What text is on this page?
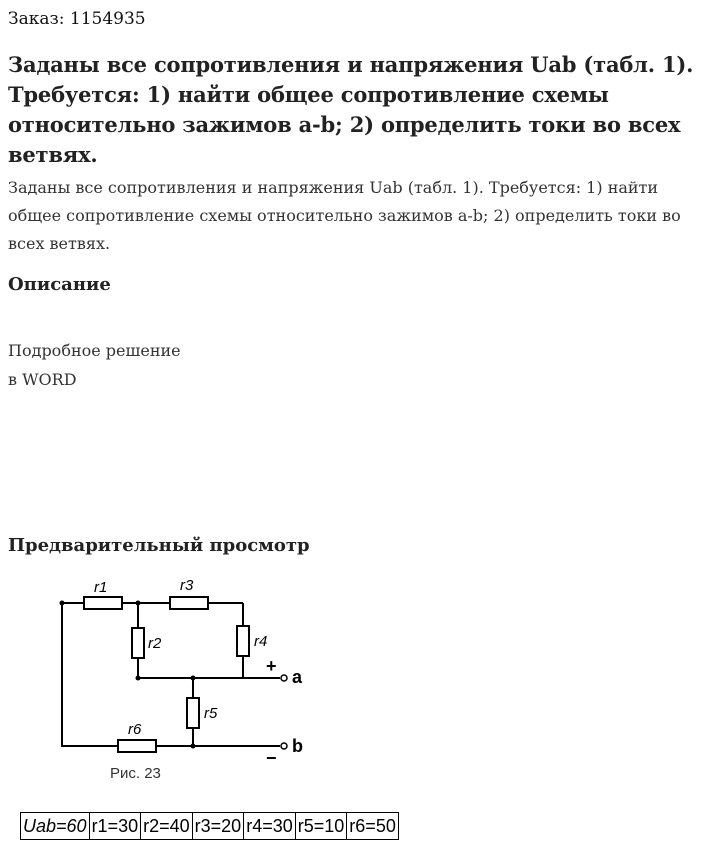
Заказ: 1154935
Заданы все сопротивления и напряжения Uab (табл. 1). Требуется: 1) найти общее сопротивление схемы относительно зажимов а-b; 2) определить токи во всех ветвях.

Заданы все сопротивления и напряжения Uab (табл. 1). Требуется: 1) найти общее сопротивление схемы относительно зажимов а-b; 2) определить токи во всех ветвях.

Описание
Подробное решение
в WORD
Предварительный просмотр
r1	r3
r2	r4
r5
r6
+
−
a
b
Рис. 23
Uab=60	r1=30	r2=40	r3=20	r4=30	r5=10	r6=50
